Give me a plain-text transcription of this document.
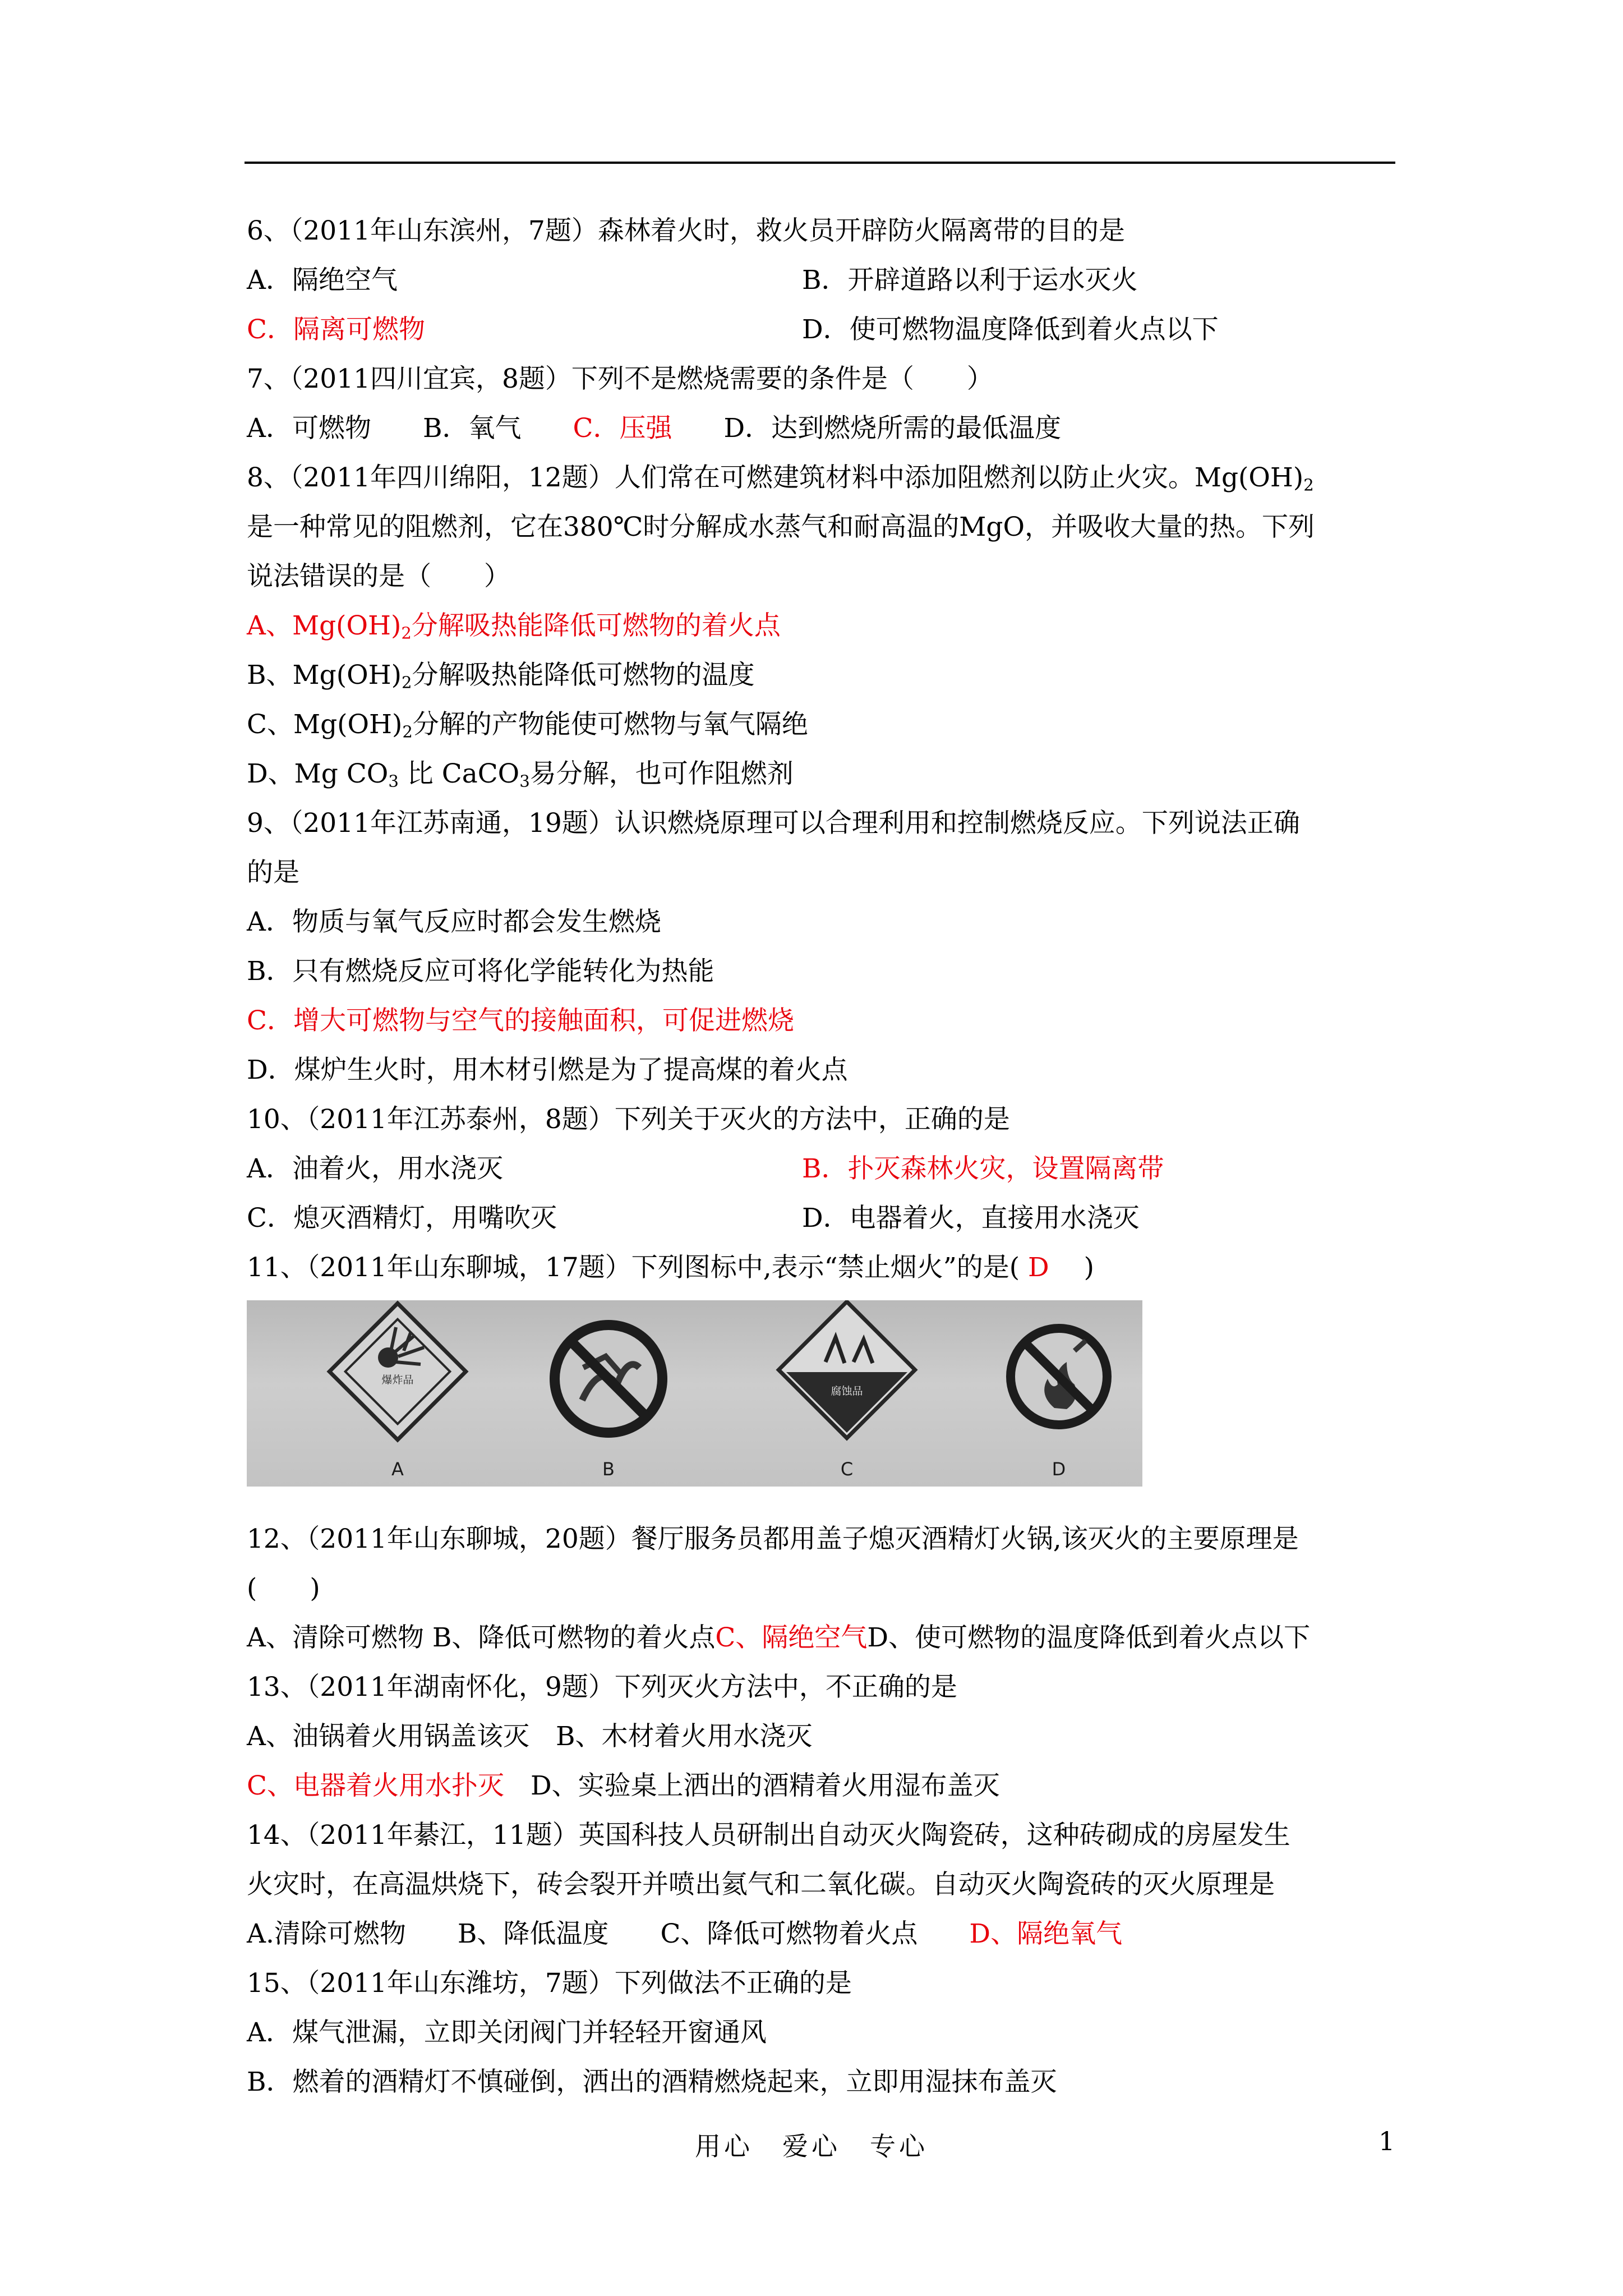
6、（2011年山东滨州，7题）森林着火时，救火员开辟防火隔离带的目的是
A．隔绝空气	B．开辟道路以利于运水灭火
C．隔离可燃物	D．使可燃物温度降低到着火点以下
7、（2011四川宜宾，8题）下列不是燃烧需要的条件是（　　）
A．可燃物 B．氧气 C．压强 D．达到燃烧所需的最低温度
8、（2011年四川绵阳，12题）人们常在可燃建筑材料中添加阻燃剂以防止火灾。$Mg(OH)_2$
是一种常见的阻燃剂，它在380℃时分解成水蒸气和耐高温的MgO，并吸收大量的热。下列
说法错误的是（　　）
A、$Mg(OH)_2$分解吸热能降低可燃物的着火点
B、$Mg(OH)_2$分解吸热能降低可燃物的温度
C、$Mg(OH)_2$分解的产物能使可燃物与氧气隔绝
D、Mg $CO_3$ 比 CaCO$_3$易分解，也可作阻燃剂
9、（2011年江苏南通，19题）认识燃烧原理可以合理利用和控制燃烧反应。下列说法正确
的是
A．物质与氧气反应时都会发生燃烧
B．只有燃烧反应可将化学能转化为热能
C．增大可燃物与空气的接触面积，可促进燃烧
D．煤炉生火时，用木材引燃是为了提高煤的着火点
10、（2011年江苏泰州，8题）下列关于灭火的方法中，正确的是
A．油着火，用水浇灭	B．扑灭森林火灾，设置隔离带
C．熄灭酒精灯，用嘴吹灭	D．电器着火，直接用水浇灭
11、（2011年山东聊城，17题）下列图标中,表示“禁止烟火”的是( D 　)
爆炸品
腐蚀品
A	B	C	D
12、（2011年山东聊城，20题）餐厅服务员都用盖子熄灭酒精灯火锅,该灭火的主要原理是
(　　)
A、清除可燃物 B、降低可燃物的着火点C、隔绝空气D、使可燃物的温度降低到着火点以下
13、（2011年湖南怀化，9题）下列灭火方法中，不正确的是
A、油锅着火用锅盖该灭　B、木材着火用水浇灭
C、电器着火用水扑灭　D、实验桌上洒出的酒精着火用湿布盖灭
14、（2011年綦江，11题）英国科技人员研制出自动灭火陶瓷砖，这种砖砌成的房屋发生
火灾时，在高温烘烧下，砖会裂开并喷出氦气和二氧化碳。自动灭火陶瓷砖的灭火原理是
A.清除可燃物 B、降低温度 C、降低可燃物着火点 D、隔绝氧气
15、（2011年山东潍坊，7题）下列做法不正确的是
A．煤气泄漏，立即关闭阀门并轻轻开窗通风
B．燃着的酒精灯不慎碰倒，洒出的酒精燃烧起来，立即用湿抹布盖灭
用心　爱心　专心	1
